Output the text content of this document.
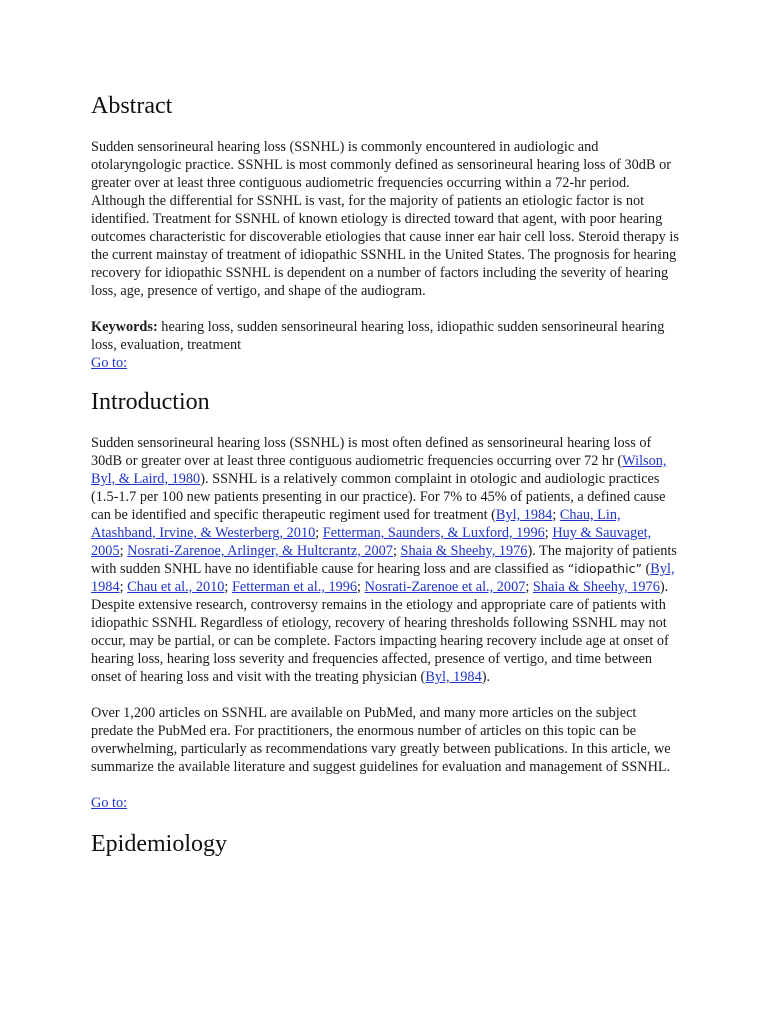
Abstract

Sudden sensorineural hearing loss (SSNHL) is commonly encountered in audiologic and otolaryngologic practice. SSNHL is most commonly defined as sensorineural hearing loss of 30dB or greater over at least three contiguous audiometric frequencies occurring within a 72-hr period. Although the differential for SSNHL is vast, for the majority of patients an etiologic factor is not identified. Treatment for SSNHL of known etiology is directed toward that agent, with poor hearing outcomes characteristic for discoverable etiologies that cause inner ear hair cell loss. Steroid therapy is the current mainstay of treatment of idiopathic SSNHL in the United States. The prognosis for hearing recovery for idiopathic SSNHL is dependent on a number of factors including the severity of hearing loss, age, presence of vertigo, and shape of the audiogram.

Keywords: hearing loss, sudden sensorineural hearing loss, idiopathic sudden sensorineural hearing loss, evaluation, treatment

Go to:
Introduction

Sudden sensorineural hearing loss (SSNHL) is most often defined as sensorineural hearing loss of 30dB or greater over at least three contiguous audiometric frequencies occurring over 72 hr (Wilson, Byl, & Laird, 1980). SSNHL is a relatively common complaint in otologic and audiologic practices (1.5-1.7 per 100 new patients presenting in our practice). For 7% to 45% of patients, a defined cause can be identified and specific therapeutic regiment used for treatment (Byl, 1984; Chau, Lin, Atashband, Irvine, & Westerberg, 2010; Fetterman, Saunders, & Luxford, 1996; Huy & Sauvaget, 2005; Nosrati-Zarenoe, Arlinger, & Hultcrantz, 2007; Shaia & Sheehy, 1976). The majority of patients with sudden SNHL have no identifiable cause for hearing loss and are classified as “idiopathic” (Byl, 1984; Chau et al., 2010; Fetterman et al., 1996; Nosrati-Zarenoe et al., 2007; Shaia & Sheehy, 1976). Despite extensive research, controversy remains in the etiology and appropriate care of patients with idiopathic SSNHL Regardless of etiology, recovery of hearing thresholds following SSNHL may not occur, may be partial, or can be complete. Factors impacting hearing recovery include age at onset of hearing loss, hearing loss severity and frequencies affected, presence of vertigo, and time between onset of hearing loss and visit with the treating physician (Byl, 1984).

Over 1,200 articles on SSNHL are available on PubMed, and many more articles on the subject predate the PubMed era. For practitioners, the enormous number of articles on this topic can be overwhelming, particularly as recommendations vary greatly between publications. In this article, we summarize the available literature and suggest guidelines for evaluation and management of SSNHL.

Go to:
Epidemiology
